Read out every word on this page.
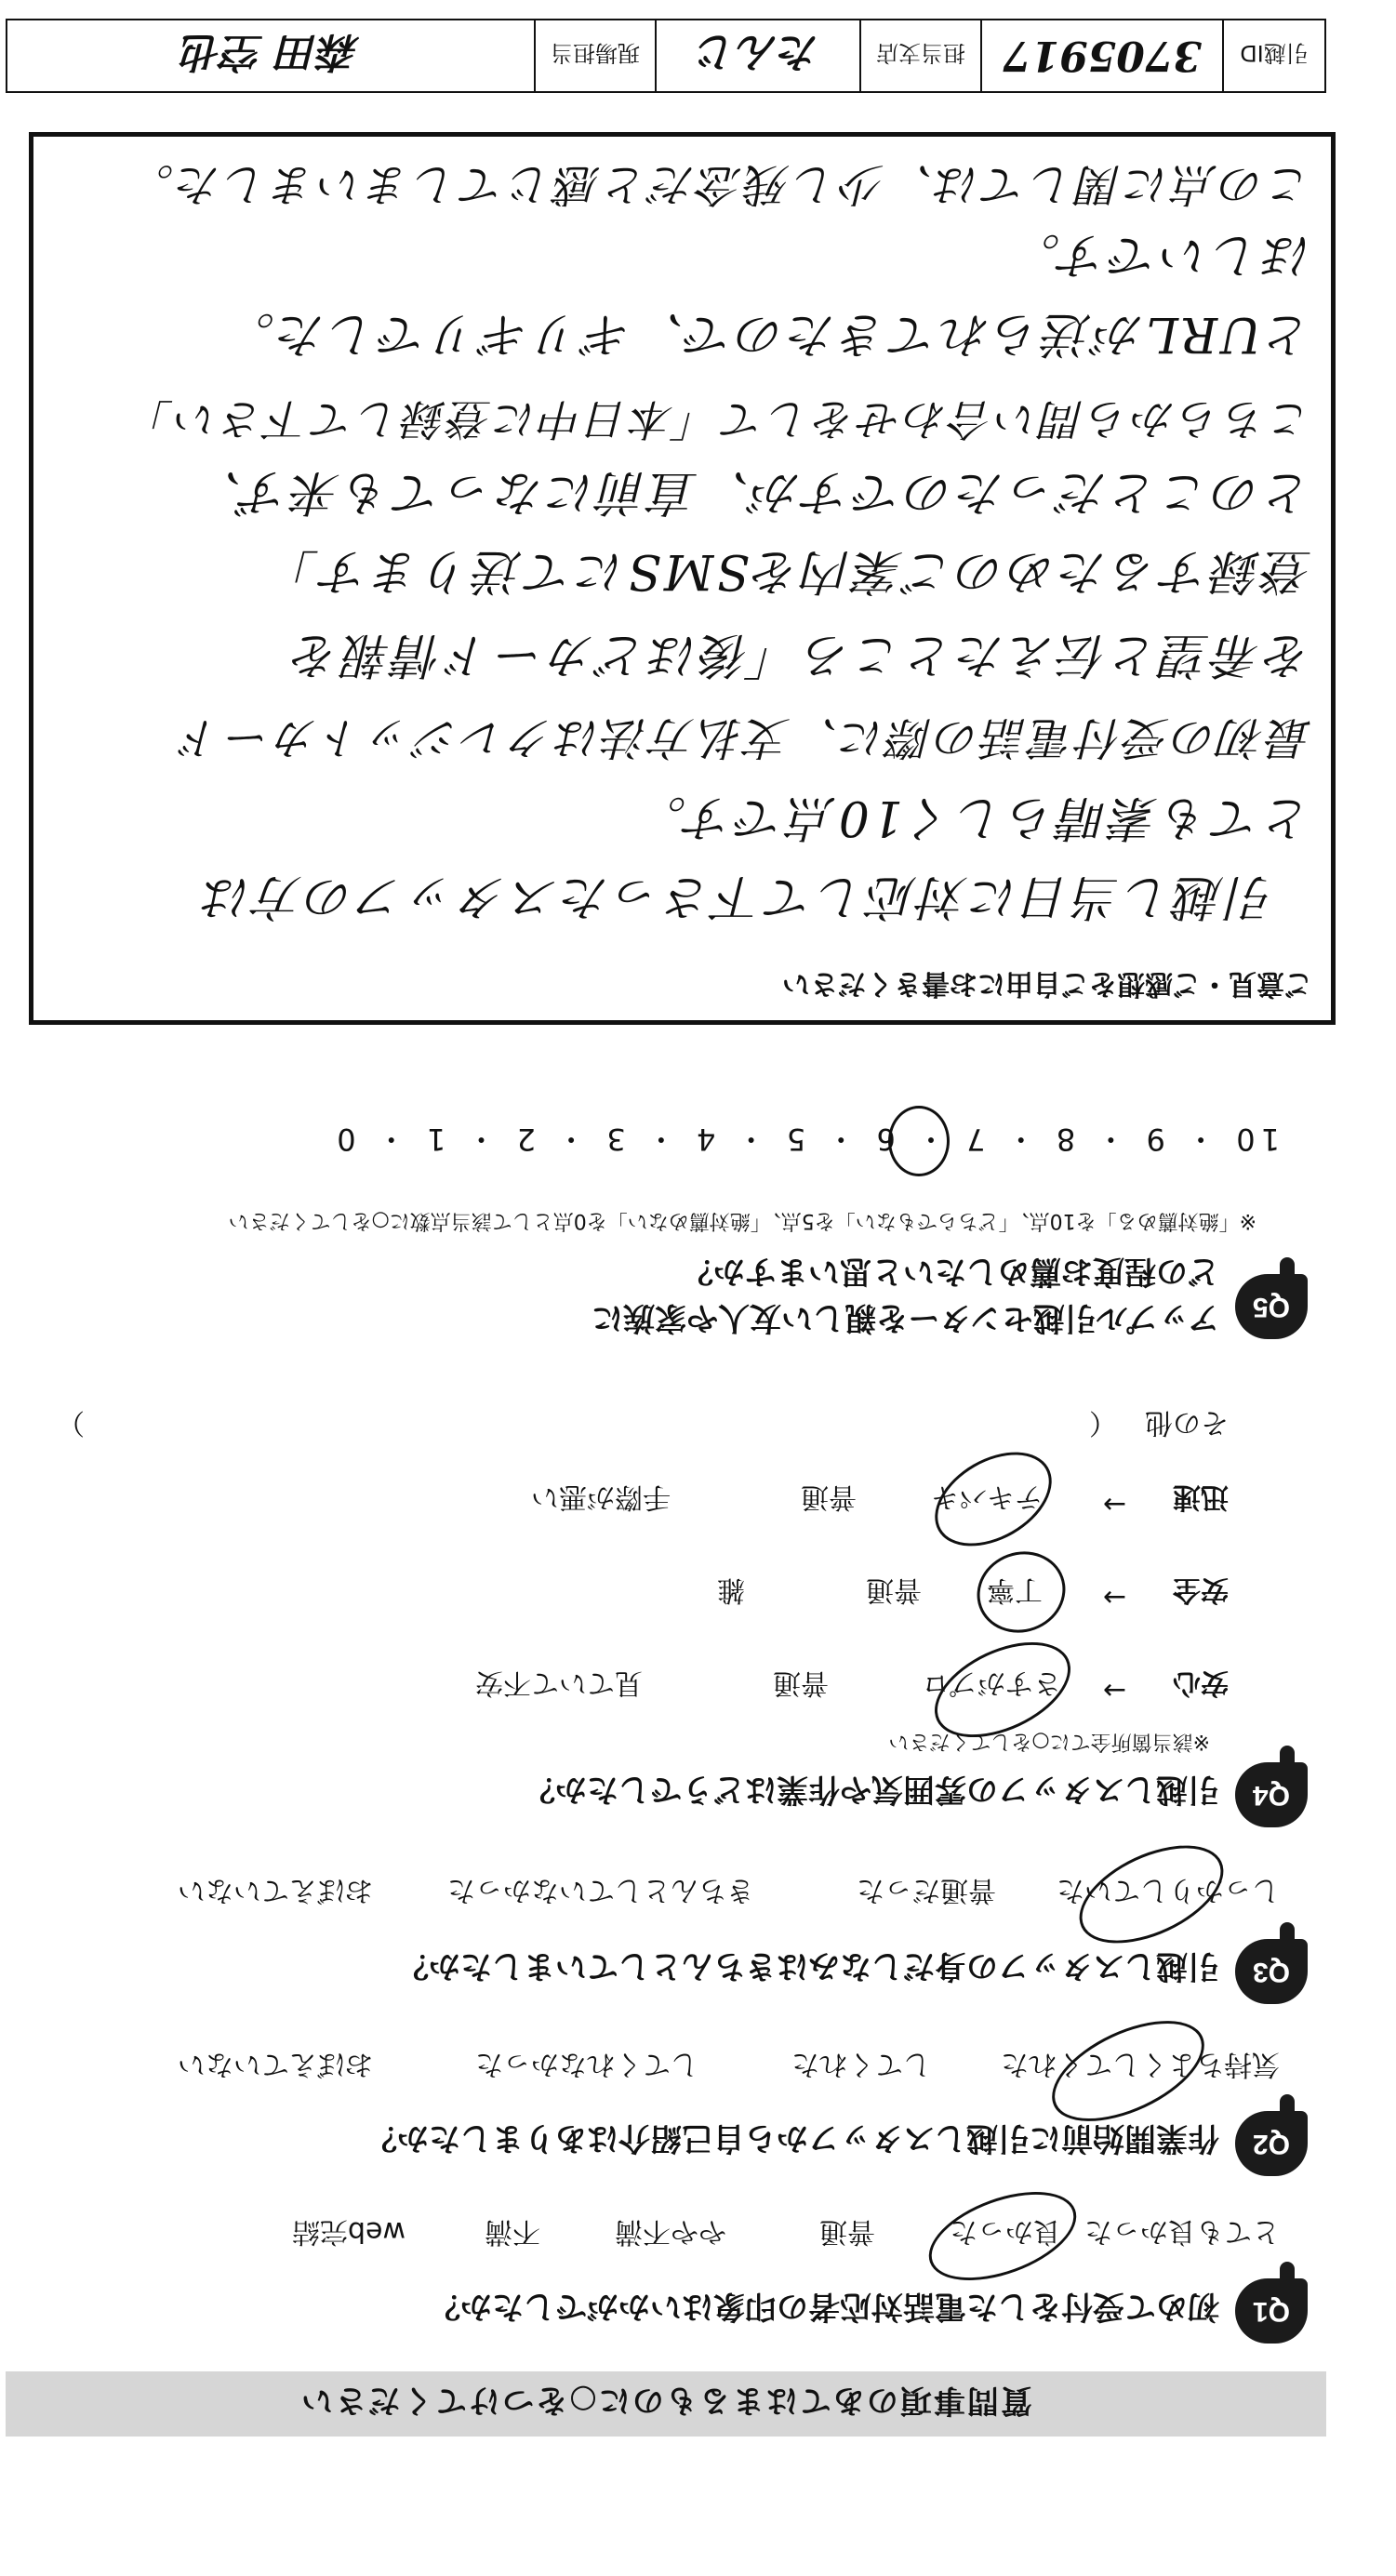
質問事項のあてはまるものに○をつけてください
Q1
初めて受付をした電話対応者の印象はいかがでしたか？
とても良かった
良かった
普通
やや不満
不満
web完結
Q2
作業開始前に引越しスタッフから自己紹介はありましたか？
気持ちよくしてくれた
してくれた
してくれなかった
おぼえていない
Q3
引越しスタッフの身だしなみはきちんとしていましたか？
しっかりしていた
普通だった
きちんとしていなかった
おぼえていない
Q4
引越しスタッフの雰囲気や作業はどうでしたか？
※該当箇所全てに○をしてください
安心
→
さすがプロ
普通
見ていて不安
安全
→
丁寧
普通
雑
迅速
→
テキパキ
普通
手際が悪い
その他
（
）
Q5
アップル引越センターを親しい友人や家族に
どの程度お薦めしたいと思いますか？
※「絶対薦める」を10点、「どちらでもない」を5点、「絶対薦めない」を0点として該当点数に○をしてください
10 ・ 9 ・ 8 ・ 7 ・ 6 ・ 5 ・ 4 ・ 3 ・ 2 ・ 1 ・ 0
ご意見・ご感想をご自由にお書きください
引越し当日に対応して下さったスタッフの方は
とても素晴らしく10点です。
最初の受付電話の際に、支払方法はクレジットカード
を希望と伝えたところ「後ほどカード情報を
登録するためのご案内をSMSにて送ります」
とのことだったのですが、直前になっても来ず、
こちらから問い合わせをして「本日中に登録して下さい」
とURLが送られてきたので、ギリギリでした。
ほしいです。
この点に関しては、少し残念だと感じてしまいました。
引越ID
3705917
担当支店
たんじ
現場担当
森田 空也
